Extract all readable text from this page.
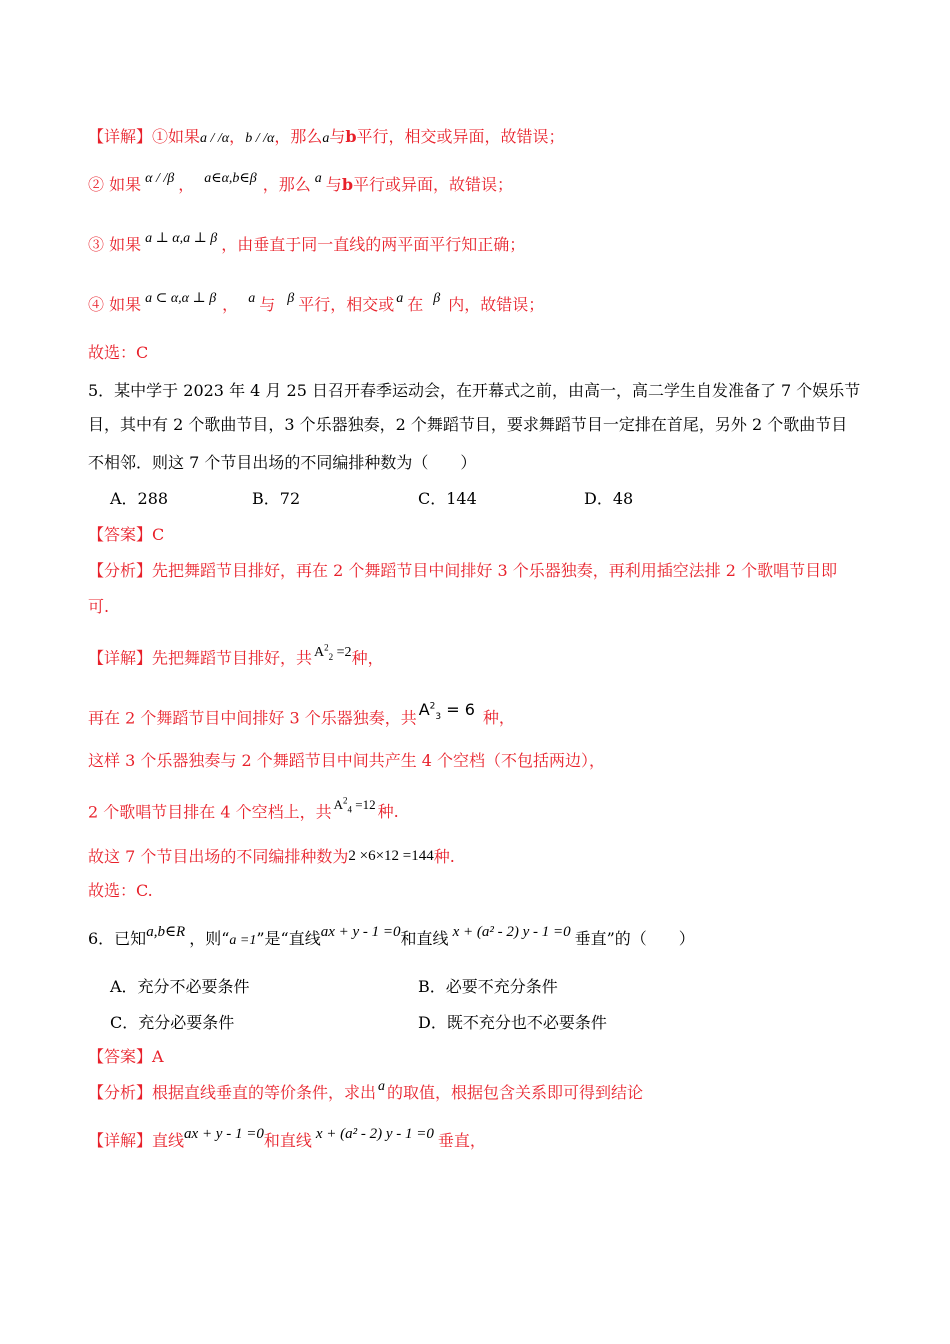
【详解】①如果a / /α，b / /α，那么a与b平行，相交或异面，故错误；
② 如果 α / /β ， a∈α,b∈β ，那么 a 与b平行或异面，故错误；
③ 如果 a ⊥ α,a ⊥ β ，由垂直于同一直线的两平面平行知正确；
④ 如果 a ⊂ α,α ⊥ β ， a 与 β 平行，相交或 a 在 β 内，故错误；
故选：C
5．某中学于 2023 年 4 月 25 日召开春季运动会，在开幕式之前，由高一，高二学生自发准备了 7 个娱乐节
目，其中有 2 个歌曲节目，3 个乐器独奏，2 个舞蹈节目，要求舞蹈节目一定排在首尾，另外 2 个歌曲节目
不相邻．则这 7 个节目出场的不同编排种数为（　　）
A．288	B．72	C．144	D．48
【答案】C
【分析】先把舞蹈节目排好，再在 2 个舞蹈节目中间排好 3 个乐器独奏，再利用插空法排 2 个歌唱节目即
可.
【详解】先把舞蹈节目排好，共 $A^2_2 =2$种，
再在 2 个舞蹈节目中间排好 3 个乐器独奏，共 $A^2_3 = 6$ 种，
这样 3 个乐器独奏与 2 个舞蹈节目中间共产生 4 个空档（不包括两边），
2 个歌唱节目排在 4 个空档上，共 $^{A^2_4 =12}$ 种.
故这 7 个节目出场的不同编排种数为2 ×6×12 =144种.
故选：C.
6．已知a,b∈R ，则“a =1”是“直线ax + y - 1 =0和直线 x + (a² - 2) y - 1 =0 垂直”的（　　）
A．充分不必要条件	B．必要不充分条件
C．充分必要条件	D．既不充分也不必要条件
【答案】A
【分析】根据直线垂直的等价条件，求出 a 的取值，根据包含关系即可得到结论
【详解】直线ax + y - 1 =0和直线 x + (a² - 2) y - 1 =0 垂直，
